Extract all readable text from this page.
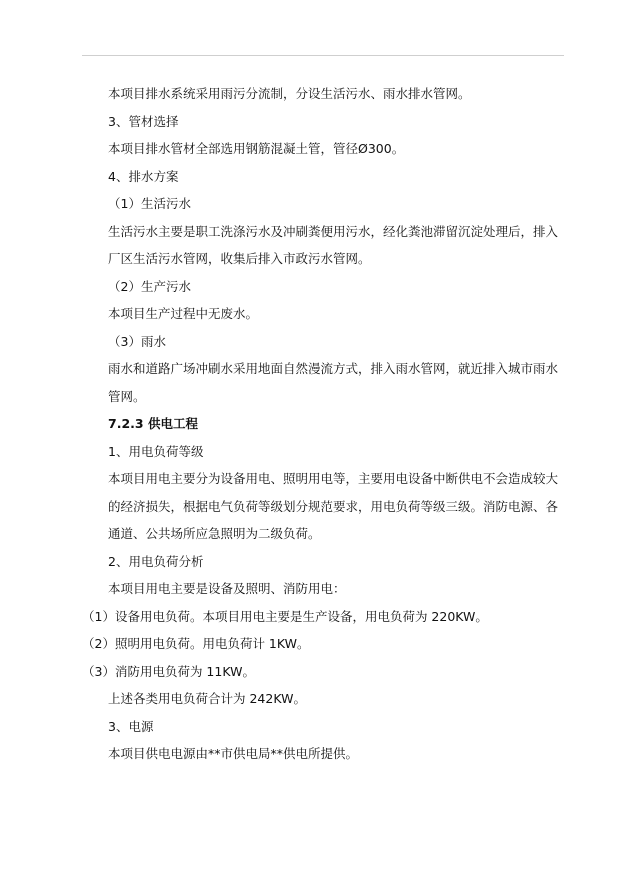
本项目排水系统采用雨污分流制，分设生活污水、雨水排水管网。

3、管材选择

本项目排水管材全部选用钢筋混凝土管，管径Ø300。

4、排水方案

（1）生活污水

生活污水主要是职工洗涤污水及冲刷粪便用污水，经化粪池滞留沉淀处理后，排入厂区生活污水管网，收集后排入市政污水管网。

（2）生产污水

本项目生产过程中无废水。

（3）雨水

雨水和道路广场冲刷水采用地面自然漫流方式，排入雨水管网，就近排入城市雨水管网。

7.2.3 供电工程

1、用电负荷等级

本项目用电主要分为设备用电、照明用电等，主要用电设备中断供电不会造成较大的经济损失，根据电气负荷等级划分规范要求，用电负荷等级三级。消防电源、各通道、公共场所应急照明为二级负荷。

2、用电负荷分析

本项目用电主要是设备及照明、消防用电：

（1）设备用电负荷。本项目用电主要是生产设备，用电负荷为 220KW。

（2）照明用电负荷。用电负荷计 1KW。

（3）消防用电负荷为 11KW。

上述各类用电负荷合计为 242KW。

3、电源

本项目供电电源由**市供电局**供电所提供。
